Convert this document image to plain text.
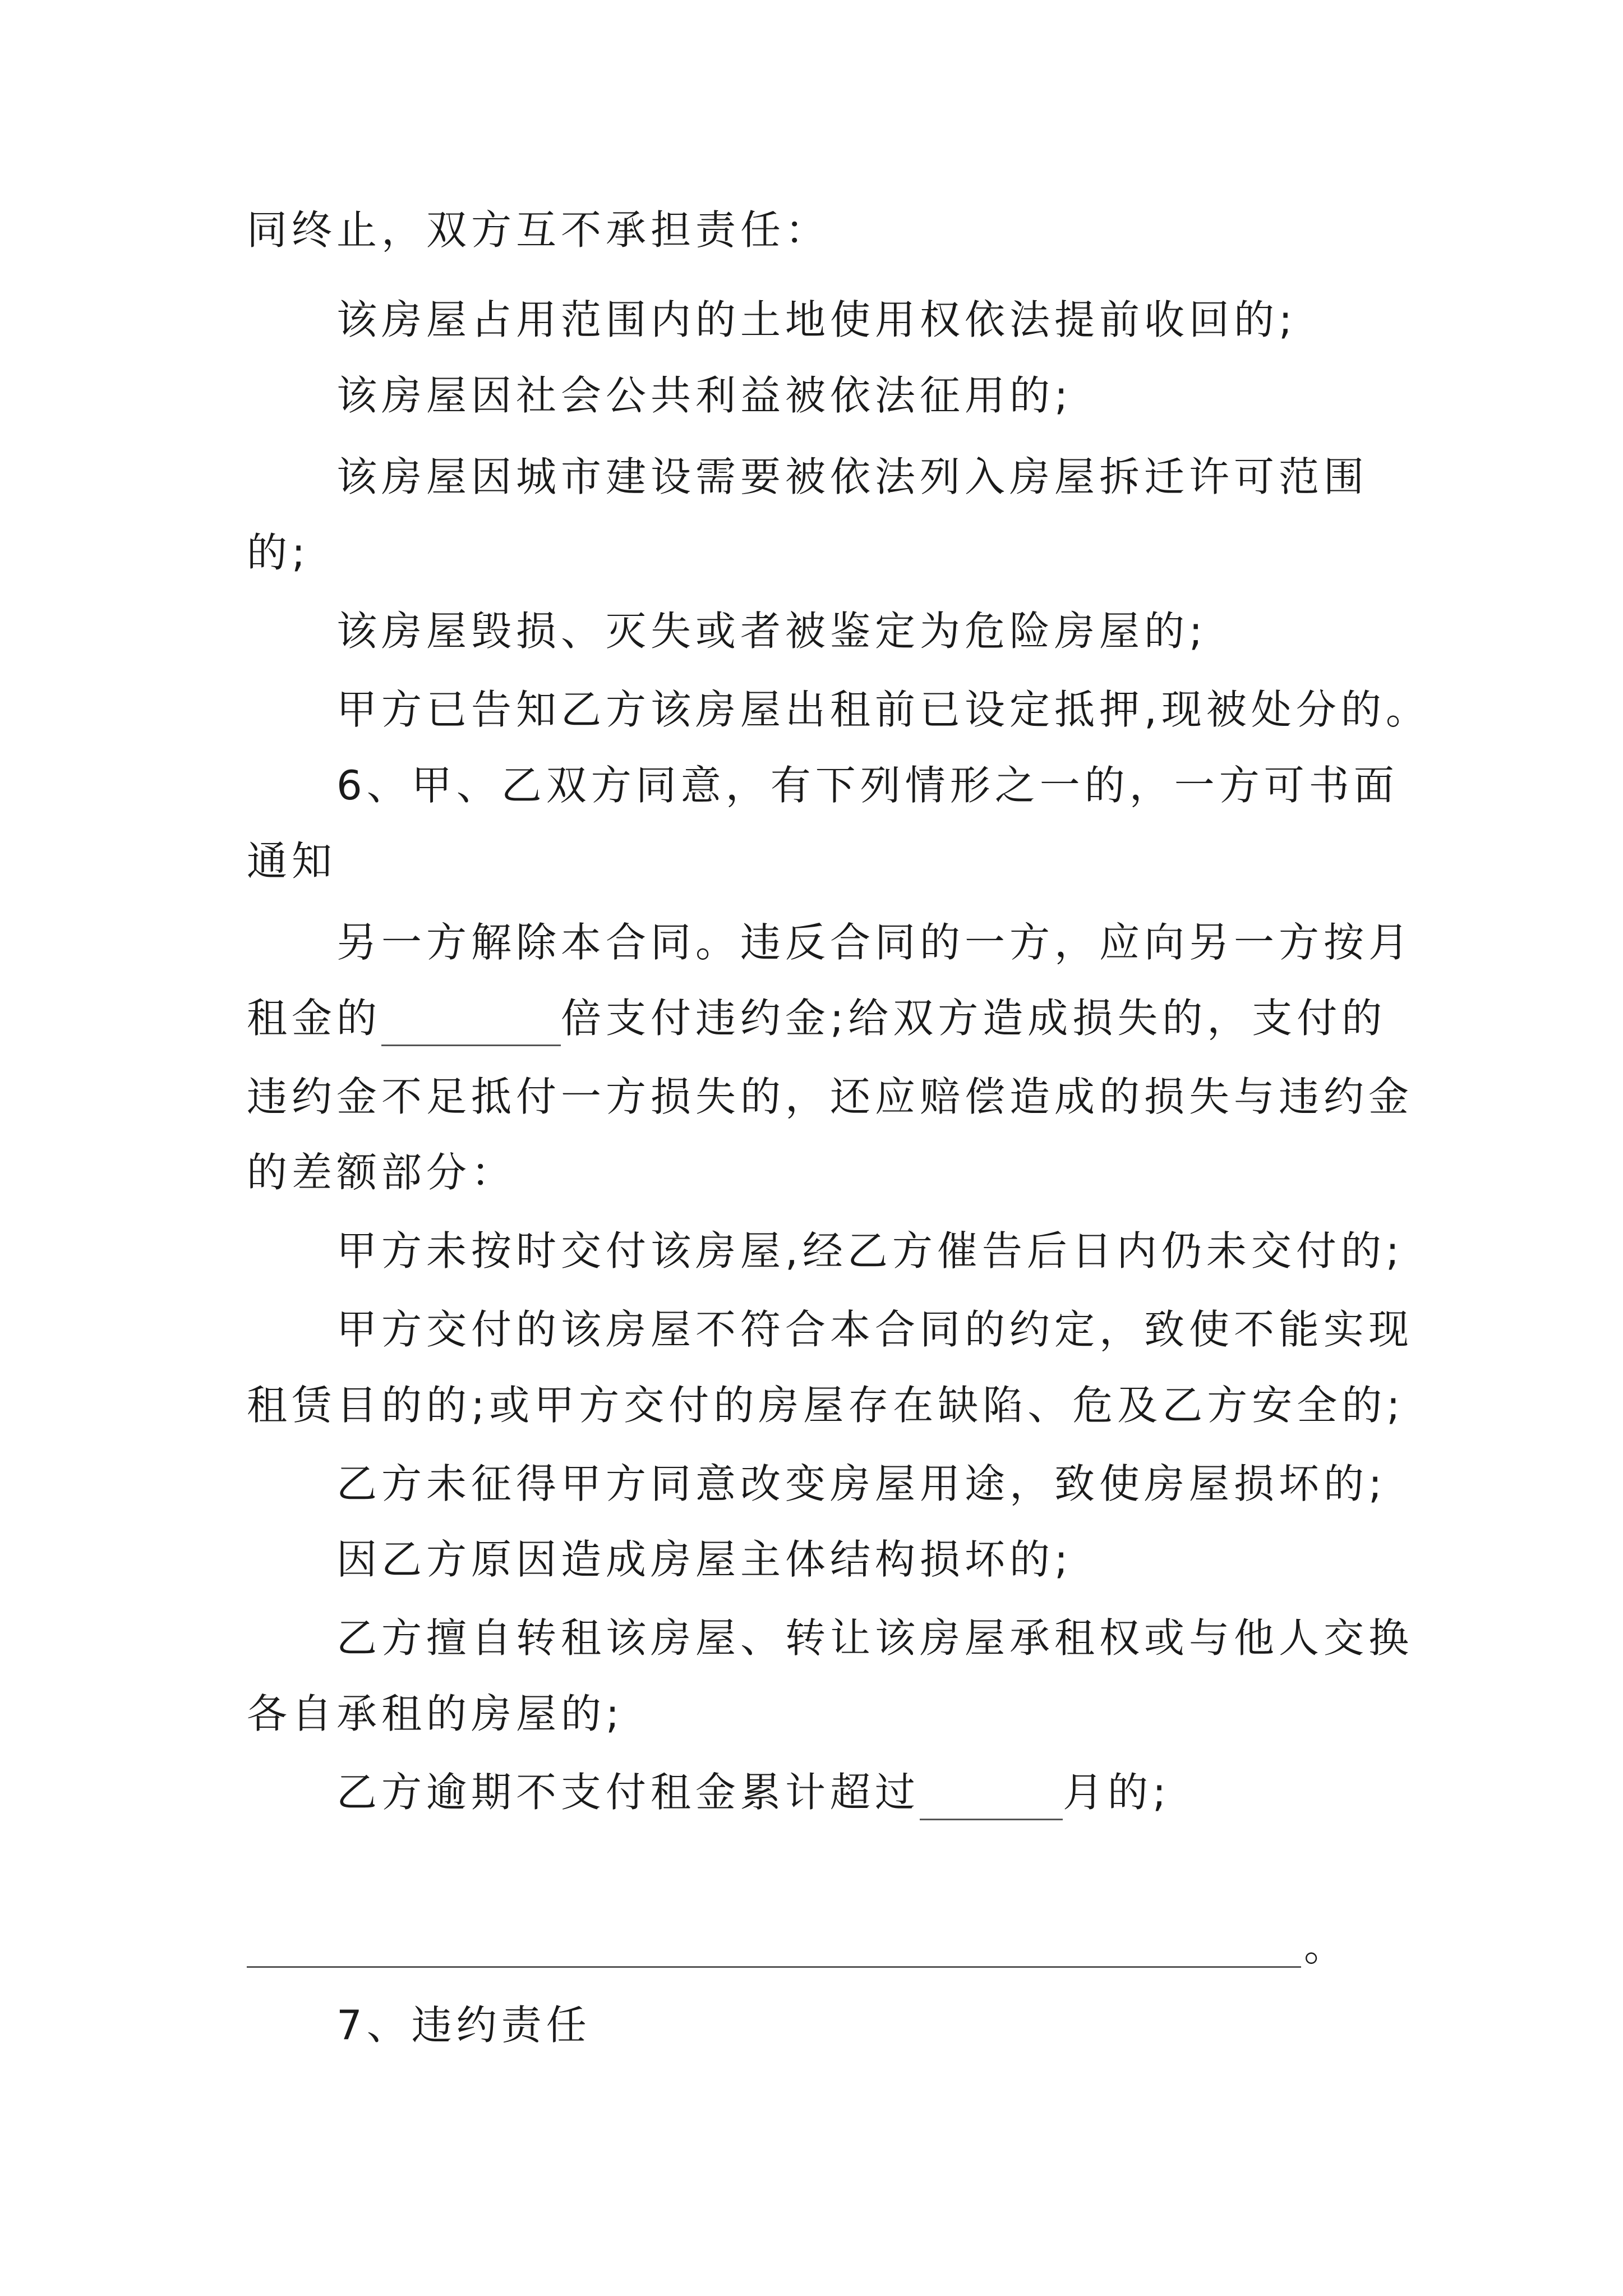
同终止，双方互不承担责任：
该房屋占用范围内的土地使用权依法提前收回的;
该房屋因社会公共利益被依法征用的;
该房屋因城市建设需要被依法列入房屋拆迁许可范围
的;
该房屋毁损、灭失或者被鉴定为危险房屋的;
甲方已告知乙方该房屋出租前已设定抵押,现被处分的。
6、甲、乙双方同意，有下列情形之一的，一方可书面
通知
另一方解除本合同。违反合同的一方，应向另一方按月
租金的	倍支付违约金;给双方造成损失的，支付的
违约金不足抵付一方损失的，还应赔偿造成的损失与违约金
的差额部分：
甲方未按时交付该房屋,经乙方催告后日内仍未交付的;
甲方交付的该房屋不符合本合同的约定，致使不能实现
租赁目的的;或甲方交付的房屋存在缺陷、危及乙方安全的;
乙方未征得甲方同意改变房屋用途，致使房屋损坏的;
因乙方原因造成房屋主体结构损坏的;
乙方擅自转租该房屋、转让该房屋承租权或与他人交换
各自承租的房屋的;
乙方逾期不支付租金累计超过	月的;
。
7、违约责任
